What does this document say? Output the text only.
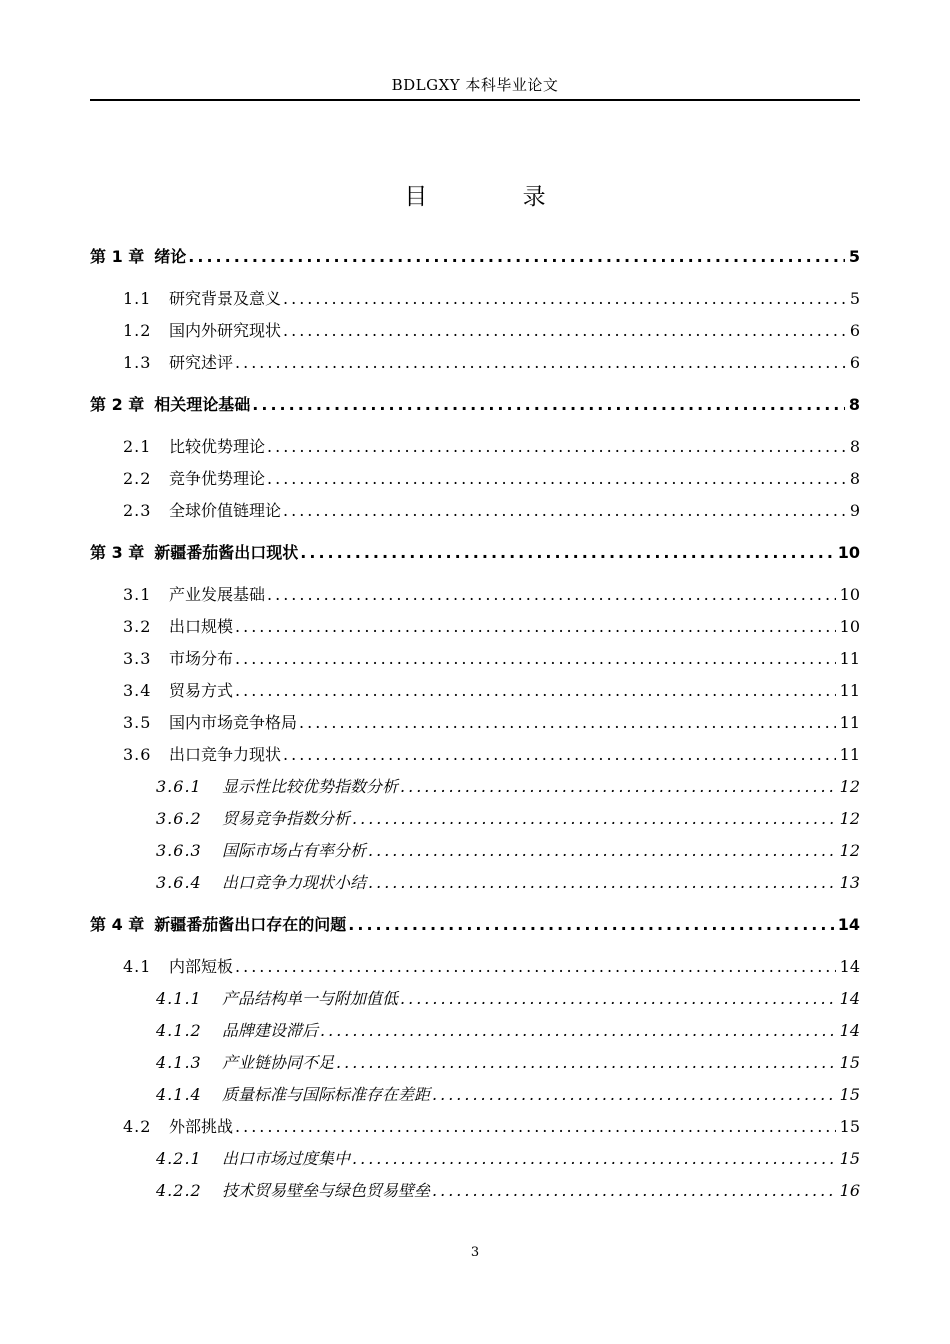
BDLGXY 本科毕业论文
目 录
第 1 章 绪论 .....	5
1.1	研究背景及意义 .....	5
1.2	国内外研究现状 .....	6
1.3	研究述评 .....	6
第 2 章 相关理论基础 .....	8
2.1	比较优势理论 .....	8
2.2	竞争优势理论 .....	8
2.3	全球价值链理论 .....	9
第 3 章 新疆番茄酱出口现状 .....	10
3.1	产业发展基础 .....	10
3.2	出口规模 .....	10
3.3	市场分布 .....	11
3.4	贸易方式 .....	11
3.5	国内市场竞争格局 .....	11
3.6	出口竞争力现状 .....	11
3.6.1	显示性比较优势指数分析 .....	12
3.6.2	贸易竞争指数分析 .....	12
3.6.3	国际市场占有率分析 .....	12
3.6.4	出口竞争力现状小结 .....	13
第 4 章 新疆番茄酱出口存在的问题 .....	14
4.1	内部短板 .....	14
4.1.1	产品结构单一与附加值低 .....	14
4.1.2	品牌建设滞后 .....	14
4.1.3	产业链协同不足 .....	15
4.1.4	质量标准与国际标准存在差距 .....	15
4.2	外部挑战 .....	15
4.2.1	出口市场过度集中 .....	15
4.2.2	技术贸易壁垒与绿色贸易壁垒 .....	16
3
